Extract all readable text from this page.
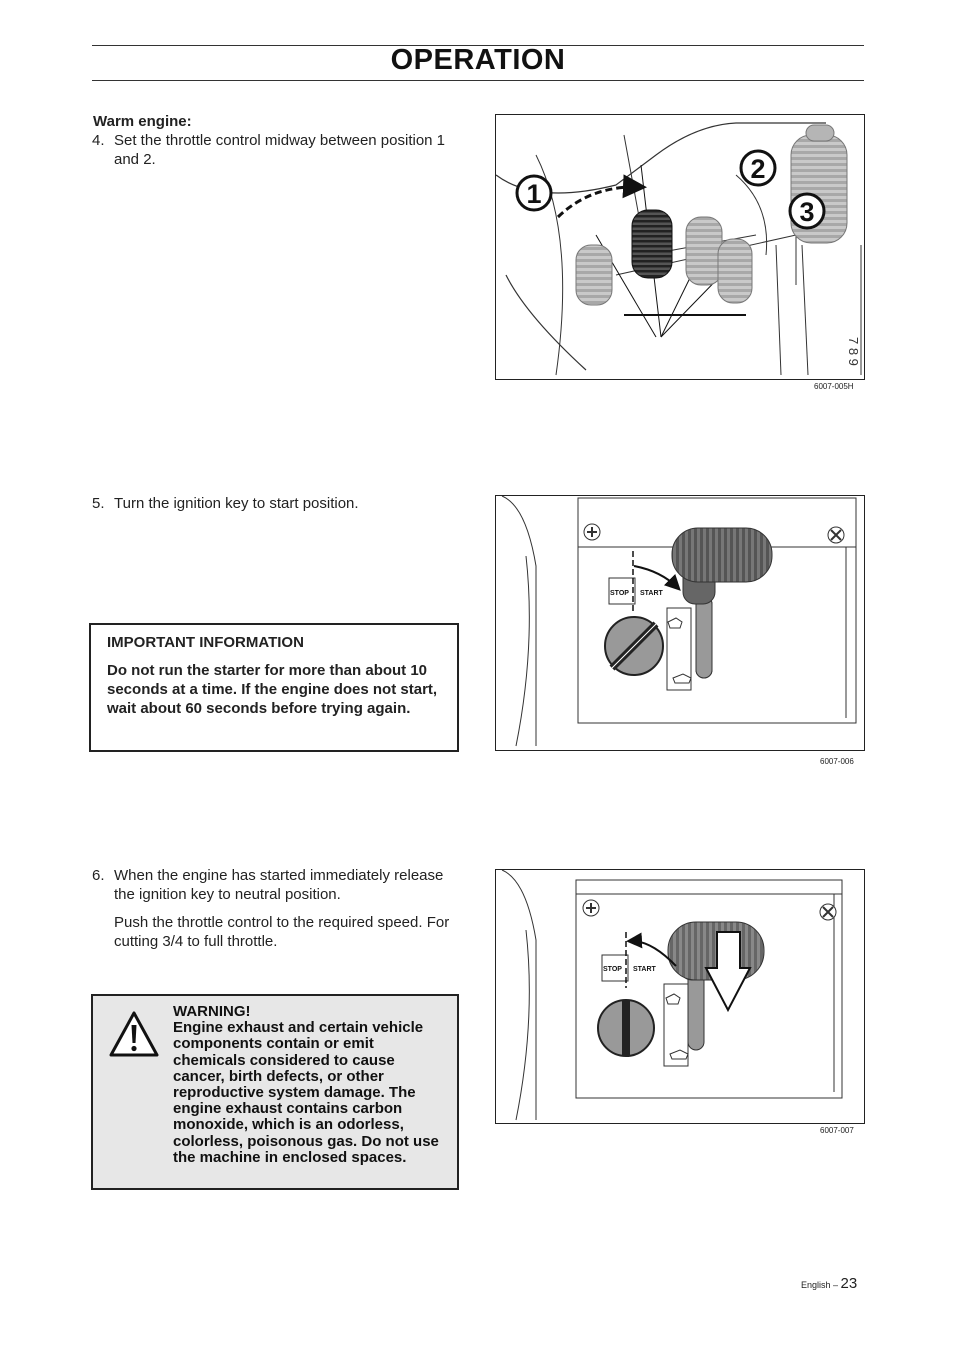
OPERATION
Warm engine:
4. Set the throttle control midway between position 1 and 2.
1
2
3
7 8 9
6007-005H
5. Turn the ignition key to start position.
IMPORTANT INFORMATION
Do not run the starter for more than about 10 seconds at a time. If the engine does not start, wait about 60 seconds before trying again.
STOP START
6007-006
6. When the engine has started immediately release the ignition key to neutral position.
Push the throttle control to the required speed. For cutting 3/4 to full throttle.
WARNING!
Engine exhaust and certain vehicle components contain or emit chemicals considered to cause cancer, birth defects, or other reproductive system damage. The engine exhaust contains carbon monoxide, which is an odorless, colorless, poisonous gas. Do not use the machine in enclosed spaces.
STOP START
6007-007
English – 23
